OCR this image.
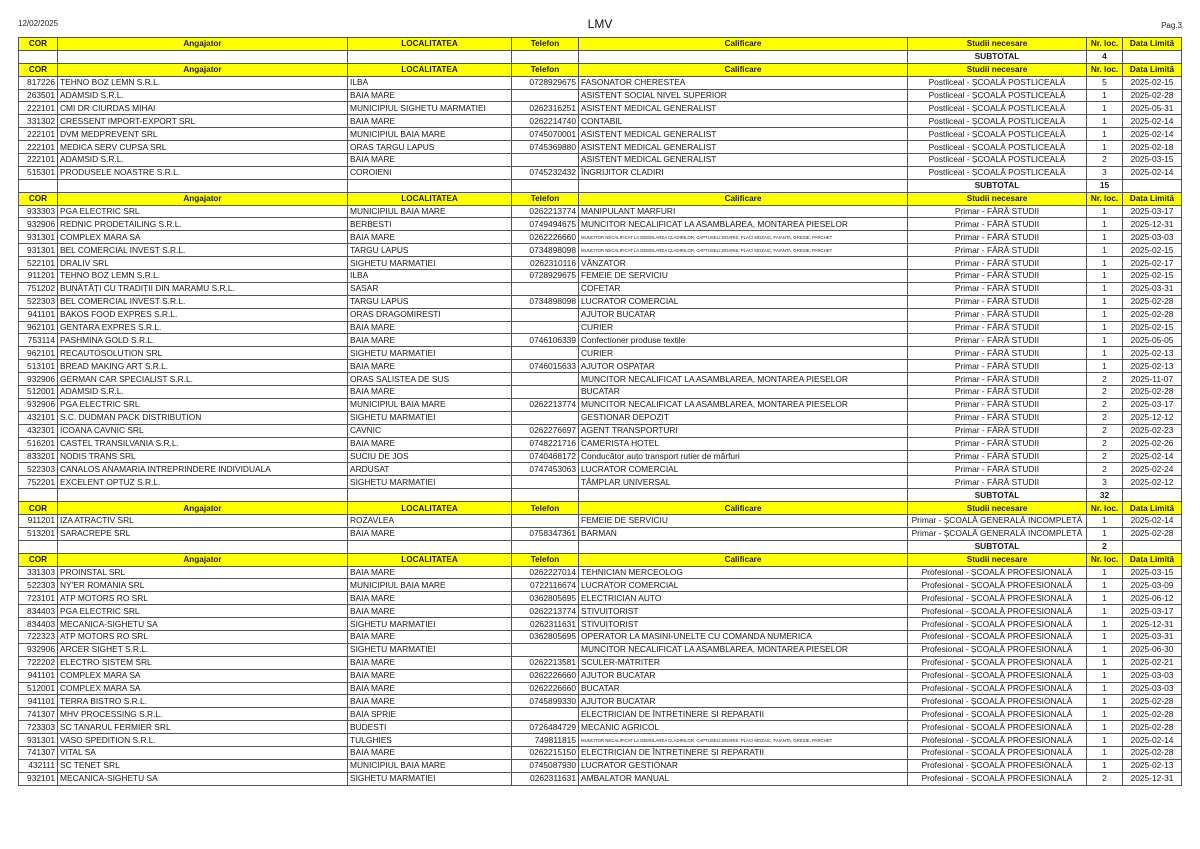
12/02/2025	LMV	Pag.3
COR	Angajator	LOCALITATEA	Telefon	Calificare	Studii necesare	Nr. loc.	Data Limită
					SUBTOTAL	4	
COR	Angajator	LOCALITATEA	Telefon	Calificare	Studii necesare	Nr. loc.	Data Limită
817226	TEHNO BOZ LEMN S.R.L.	ILBA	0728929675	FASONATOR CHERESTEA	Postliceal - ȘCOALĂ POSTLICEALĂ	5	2025-02-15
263501	ADAMSID S.R.L.	BAIA MARE		ASISTENT SOCIAL NIVEL SUPERIOR	Postliceal - ȘCOALĂ POSTLICEALĂ	1	2025-02-28
222101	CMI DR CIURDAS MIHAI	MUNICIPIUL SIGHETU MARMATIEI	0262316251	ASISTENT MEDICAL GENERALIST	Postliceal - ȘCOALĂ POSTLICEALĂ	1	2025-05-31
331302	CRESSENT IMPORT-EXPORT SRL	BAIA MARE	0262214740	CONTABIL	Postliceal - ȘCOALĂ POSTLICEALĂ	1	2025-02-14
222101	DVM MEDPREVENT SRL	MUNICIPIUL BAIA MARE	0745070001	ASISTENT MEDICAL GENERALIST	Postliceal - ȘCOALĂ POSTLICEALĂ	1	2025-02-14
222101	MEDICA SERV CUPSA SRL	ORAS TARGU LAPUS	0745369880	ASISTENT MEDICAL GENERALIST	Postliceal - ȘCOALĂ POSTLICEALĂ	1	2025-02-18
222101	ADAMSID S.R.L.	BAIA MARE		ASISTENT MEDICAL GENERALIST	Postliceal - ȘCOALĂ POSTLICEALĂ	2	2025-03-15
515301	PRODUSELE NOASTRE S.R.L.	COROIENI	0745232432	ÎNGRIJITOR CLADIRI	Postliceal - ȘCOALĂ POSTLICEALĂ	3	2025-02-14
					SUBTOTAL	15	
COR	Angajator	LOCALITATEA	Telefon	Calificare	Studii necesare	Nr. loc.	Data Limită
933303	PGA ELECTRIC SRL	MUNICIPIUL BAIA MARE	0262213774	MANIPULANT MARFURI	Primar - FĂRĂ STUDII	1	2025-03-17
932906	REDNIC PRODETAILING S.R.L.	BERBESTI	0749494675	MUNCITOR NECALIFICAT LA ASAMBLAREA, MONTAREA PIESELOR	Primar - FĂRĂ STUDII	1	2025-12-31
931301	COMPLEX MARA SA	BAIA MARE	0262226660	MUNCITOR NECALIFICAT LA DEMOLAREA CLADIRILOR, CAPTUSELI ZIDARIE, PLACI MOZAIC, FAIANTA, GRESIE, PARCHET	Primar - FĂRĂ STUDII	1	2025-03-03
931301	BEL COMERCIAL INVEST S.R.L.	TARGU LAPUS	0734898098	MUNCITOR NECALIFICAT LA DEMOLAREA CLADIRILOR, CAPTUSELI ZIDARIE, PLACI MOZAIC, FAIANTA, GRESIE, PARCHET	Primar - FĂRĂ STUDII	1	2025-02-15
522101	DRALIV SRL	SIGHETU MARMATIEI	0262310116	VÂNZATOR	Primar - FĂRĂ STUDII	1	2025-02-17
911201	TEHNO BOZ LEMN S.R.L.	ILBA	0728929675	FEMEIE DE SERVICIU	Primar - FĂRĂ STUDII	1	2025-02-15
751202	BUNĂTĂȚI CU TRADIȚII DIN MARAMU S.R.L.	SASAR		COFETAR	Primar - FĂRĂ STUDII	1	2025-03-31
522303	BEL COMERCIAL INVEST S.R.L.	TARGU LAPUS	0734898098	LUCRATOR COMERCIAL	Primar - FĂRĂ STUDII	1	2025-02-28
941101	BAKOS FOOD EXPRES S.R.L.	ORAS DRAGOMIRESTI		AJUTOR BUCATAR	Primar - FĂRĂ STUDII	1	2025-02-28
962101	GENTARA EXPRES S.R.L.	BAIA MARE		CURIER	Primar - FĂRĂ STUDII	1	2025-02-15
753114	PASHMINA GOLD S.R.L.	BAIA MARE	0746106339	Confectioner produse textile	Primar - FĂRĂ STUDII	1	2025-05-05
962101	RECAUTOSOLUTION SRL	SIGHETU MARMATIEI		CURIER	Primar - FĂRĂ STUDII	1	2025-02-13
513101	BREAD MAKING ART S.R.L.	BAIA MARE	0746015633	AJUTOR OSPATAR	Primar - FĂRĂ STUDII	1	2025-02-13
932906	GERMAN CAR SPECIALIST S.R.L.	ORAS SALISTEA DE SUS		MUNCITOR NECALIFICAT LA ASAMBLAREA, MONTAREA PIESELOR	Primar - FĂRĂ STUDII	2	2025-11-07
512001	ADAMSID S.R.L.	BAIA MARE		BUCATAR	Primar - FĂRĂ STUDII	2	2025-02-28
932906	PGA ELECTRIC SRL	MUNICIPIUL BAIA MARE	0262213774	MUNCITOR NECALIFICAT LA ASAMBLAREA, MONTAREA PIESELOR	Primar - FĂRĂ STUDII	2	2025-03-17
432101	S.C. DUDMAN PACK DISTRIBUTION	SIGHETU MARMATIEI		GESTIONAR DEPOZIT	Primar - FĂRĂ STUDII	2	2025-12-12
432301	ICOANA CAVNIC SRL	CAVNIC	0262276697	AGENT TRANSPORTURI	Primar - FĂRĂ STUDII	2	2025-02-23
516201	CASTEL TRANSILVANIA S.R.L.	BAIA MARE	0748221716	CAMERISTA HOTEL	Primar - FĂRĂ STUDII	2	2025-02-26
833201	NODIS TRANS SRL	SUCIU DE JOS	0740468172	Conducător auto transport rutier de mărfuri	Primar - FĂRĂ STUDII	2	2025-02-14
522303	CANALOS ANAMARIA INTREPRINDERE INDIVIDUALA	ARDUSAT	0747453063	LUCRATOR COMERCIAL	Primar - FĂRĂ STUDII	2	2025-02-24
752201	EXCELENT OPTUZ S.R.L.	SIGHETU MARMATIEI		TÂMPLAR UNIVERSAL	Primar - FĂRĂ STUDII	3	2025-02-12
					SUBTOTAL	32	
COR	Angajator	LOCALITATEA	Telefon	Calificare	Studii necesare	Nr. loc.	Data Limită
911201	IZA ATRACTIV SRL	ROZAVLEA		FEMEIE DE SERVICIU	Primar - ȘCOALĂ GENERALĂ INCOMPLETĂ	1	2025-02-14
513201	SARACREPE SRL	BAIA MARE	0758347361	BARMAN	Primar - ȘCOALĂ GENERALĂ INCOMPLETĂ	1	2025-02-28
					SUBTOTAL	2	
COR	Angajator	LOCALITATEA	Telefon	Calificare	Studii necesare	Nr. loc.	Data Limită
331303	PROINSTAL SRL	BAIA MARE	0262227014	TEHNICIAN MERCEOLOG	Profesional - ȘCOALĂ PROFESIONALĂ	1	2025-03-15
522303	NY'ER ROMANIA SRL	MUNICIPIUL BAIA MARE	0722116674	LUCRATOR COMERCIAL	Profesional - ȘCOALĂ PROFESIONALĂ	1	2025-03-09
723101	ATP MOTORS RO SRL	BAIA MARE	0362805695	ELECTRICIAN AUTO	Profesional - ȘCOALĂ PROFESIONALĂ	1	2025-06-12
834403	PGA ELECTRIC SRL	BAIA MARE	0262213774	STIVUITORIST	Profesional - ȘCOALĂ PROFESIONALĂ	1	2025-03-17
834403	MECANICA-SIGHETU SA	SIGHETU MARMATIEI	0262311631	STIVUITORIST	Profesional - ȘCOALĂ PROFESIONALĂ	1	2025-12-31
722323	ATP MOTORS RO SRL	BAIA MARE	0362805695	OPERATOR LA MASINI-UNELTE CU COMANDA NUMERICA	Profesional - ȘCOALĂ PROFESIONALĂ	1	2025-03-31
932906	ARCER SIGHET S.R.L.	SIGHETU MARMATIEI		MUNCITOR NECALIFICAT LA ASAMBLAREA, MONTAREA PIESELOR	Profesional - ȘCOALĂ PROFESIONALĂ	1	2025-06-30
722202	ELECTRO SISTEM SRL	BAIA MARE	0262213581	SCULER-MATRITER	Profesional - ȘCOALĂ PROFESIONALĂ	1	2025-02-21
941101	COMPLEX MARA SA	BAIA MARE	0262226660	AJUTOR BUCATAR	Profesional - ȘCOALĂ PROFESIONALĂ	1	2025-03-03
512001	COMPLEX MARA SA	BAIA MARE	0262226660	BUCATAR	Profesional - ȘCOALĂ PROFESIONALĂ	1	2025-03-03
941101	TERRA BISTRO S.R.L.	BAIA MARE	0745899330	AJUTOR BUCATAR	Profesional - ȘCOALĂ PROFESIONALĂ	1	2025-02-28
741307	MHV PROCESSING S.R.L.	BAIA SPRIE		ELECTRICIAN DE ÎNTRETINERE SI REPARATII	Profesional - ȘCOALĂ PROFESIONALĂ	1	2025-02-28
723303	SC TANARUL FERMIER SRL	BUDESTI	0726484729	MECANIC AGRICOL	Profesional - ȘCOALĂ PROFESIONALĂ	1	2025-02-28
931301	VASO SPEDITION S.R.L.	TULGHIES	749811815	MUNCITOR NECALIFICAT LA DEMOLAREA CLADIRILOR, CAPTUSELI ZIDARIE, PLACI MOZAIC, FAIANTA, GRESIE, PARCHET	Profesional - ȘCOALĂ PROFESIONALĂ	1	2025-02-14
741307	VITAL SA	BAIA MARE	0262215150	ELECTRICIAN DE ÎNTRETINERE SI REPARATII	Profesional - ȘCOALĂ PROFESIONALĂ	1	2025-02-28
432111	SC TENET SRL	MUNICIPIUL BAIA MARE	0745087930	LUCRATOR GESTIONAR	Profesional - ȘCOALĂ PROFESIONALĂ	1	2025-02-13
932101	MECANICA-SIGHETU SA	SIGHETU MARMATIEI	0262311631	AMBALATOR MANUAL	Profesional - ȘCOALĂ PROFESIONALĂ	2	2025-12-31
